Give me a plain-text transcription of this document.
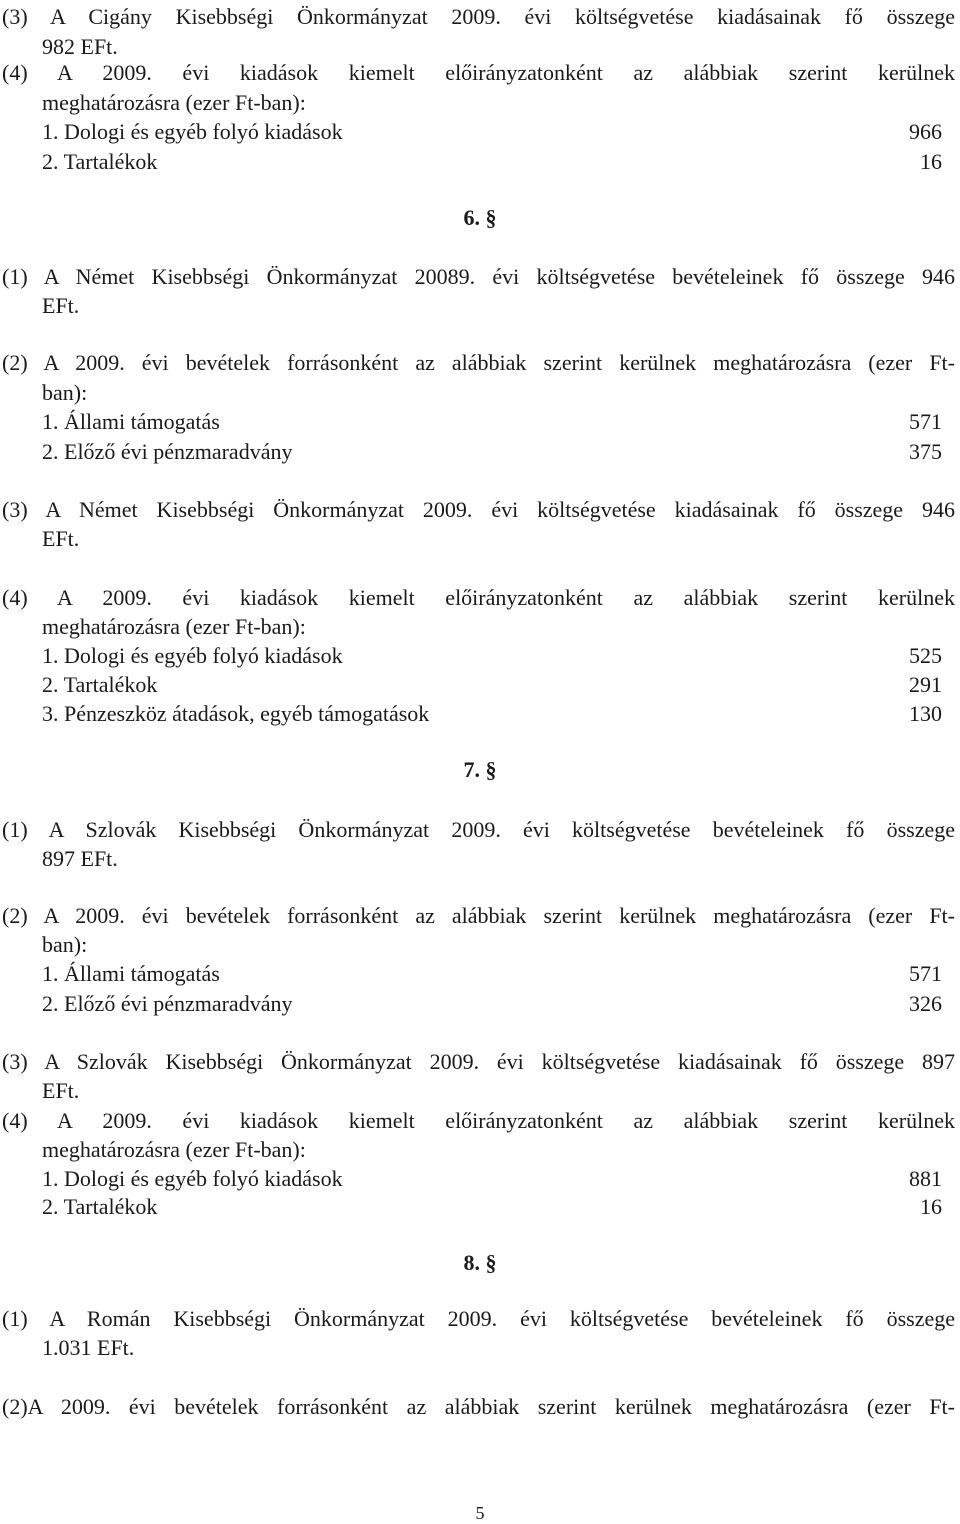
(3) A Cigány Kisebbségi Önkormányzat 2009. évi költségvetése kiadásainak fő összege
982 EFt.
(4) A 2009. évi kiadások kiemelt előirányzatonként az alábbiak szerint kerülnek
meghatározásra (ezer Ft-ban):
1. Dologi és egyéb folyó kiadások	966
2. Tartalékok	16
6. §
(1) A Német Kisebbségi Önkormányzat 20089. évi költségvetése bevételeinek fő összege 946
EFt.
(2) A 2009. évi bevételek forrásonként az alábbiak szerint kerülnek meghatározásra (ezer Ft-
ban):
1. Állami támogatás	571
2. Előző évi pénzmaradvány	375
(3) A Német Kisebbségi Önkormányzat 2009. évi költségvetése kiadásainak fő összege 946
EFt.
(4) A 2009. évi kiadások kiemelt előirányzatonként az alábbiak szerint kerülnek
meghatározásra (ezer Ft-ban):
1. Dologi és egyéb folyó kiadások	525
2. Tartalékok	291
3. Pénzeszköz átadások, egyéb támogatások	130
7. §
(1) A Szlovák Kisebbségi Önkormányzat 2009. évi költségvetése bevételeinek fő összege
897 EFt.
(2) A 2009. évi bevételek forrásonként az alábbiak szerint kerülnek meghatározásra (ezer Ft-
ban):
1. Állami támogatás	571
2. Előző évi pénzmaradvány	326
(3) A Szlovák Kisebbségi Önkormányzat 2009. évi költségvetése kiadásainak fő összege 897
EFt.
(4) A 2009. évi kiadások kiemelt előirányzatonként az alábbiak szerint kerülnek
meghatározásra (ezer Ft-ban):
1. Dologi és egyéb folyó kiadások	881
2. Tartalékok	16
8. §
(1) A Román Kisebbségi Önkormányzat 2009. évi költségvetése bevételeinek fő összege
1.031 EFt.
(2)A 2009. évi bevételek forrásonként az alábbiak szerint kerülnek meghatározásra (ezer Ft-
5
